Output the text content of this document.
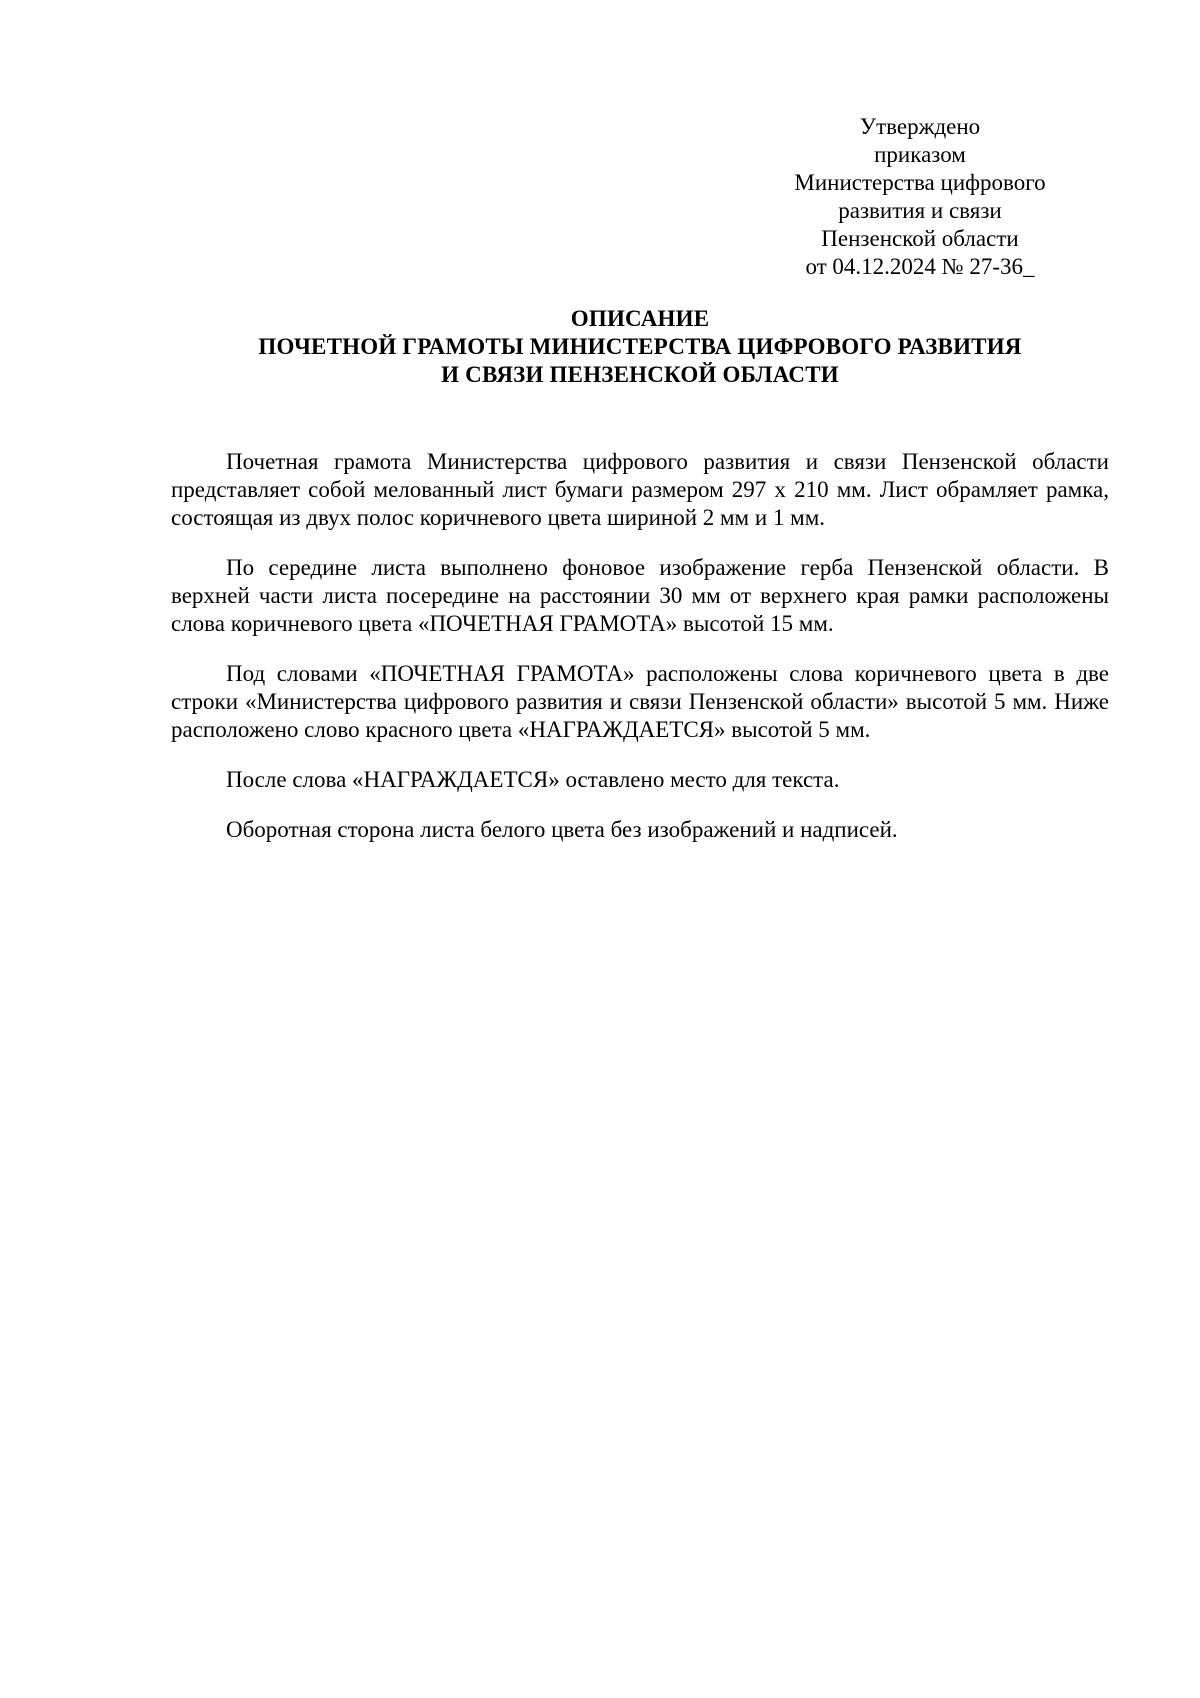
Утверждено
приказом
Министерства цифрового
развития и связи
Пензенской области
от 04.12.2024 № 27-36_
ОПИСАНИЕ
ПОЧЕТНОЙ ГРАМОТЫ МИНИСТЕРСТВА ЦИФРОВОГО РАЗВИТИЯ
И СВЯЗИ ПЕНЗЕНСКОЙ ОБЛАСТИ

Почетная грамота Министерства цифрового развития и связи Пензенской области представляет собой мелованный лист бумаги размером 297 х 210 мм. Лист обрамляет рамка, состоящая из двух полос коричневого цвета шириной 2 мм и 1 мм.

По середине листа выполнено фоновое изображение герба Пензенской области. В верхней части листа посередине на расстоянии 30 мм от верхнего края рамки расположены слова коричневого цвета «ПОЧЕТНАЯ ГРАМОТА» высотой 15 мм.

Под словами «ПОЧЕТНАЯ ГРАМОТА» расположены слова коричневого цвета в две строки «Министерства цифрового развития и связи Пензенской области» высотой 5 мм. Ниже расположено слово красного цвета «НАГРАЖДАЕТСЯ» высотой 5 мм.

После слова «НАГРАЖДАЕТСЯ» оставлено место для текста.

Оборотная сторона листа белого цвета без изображений и надписей.
